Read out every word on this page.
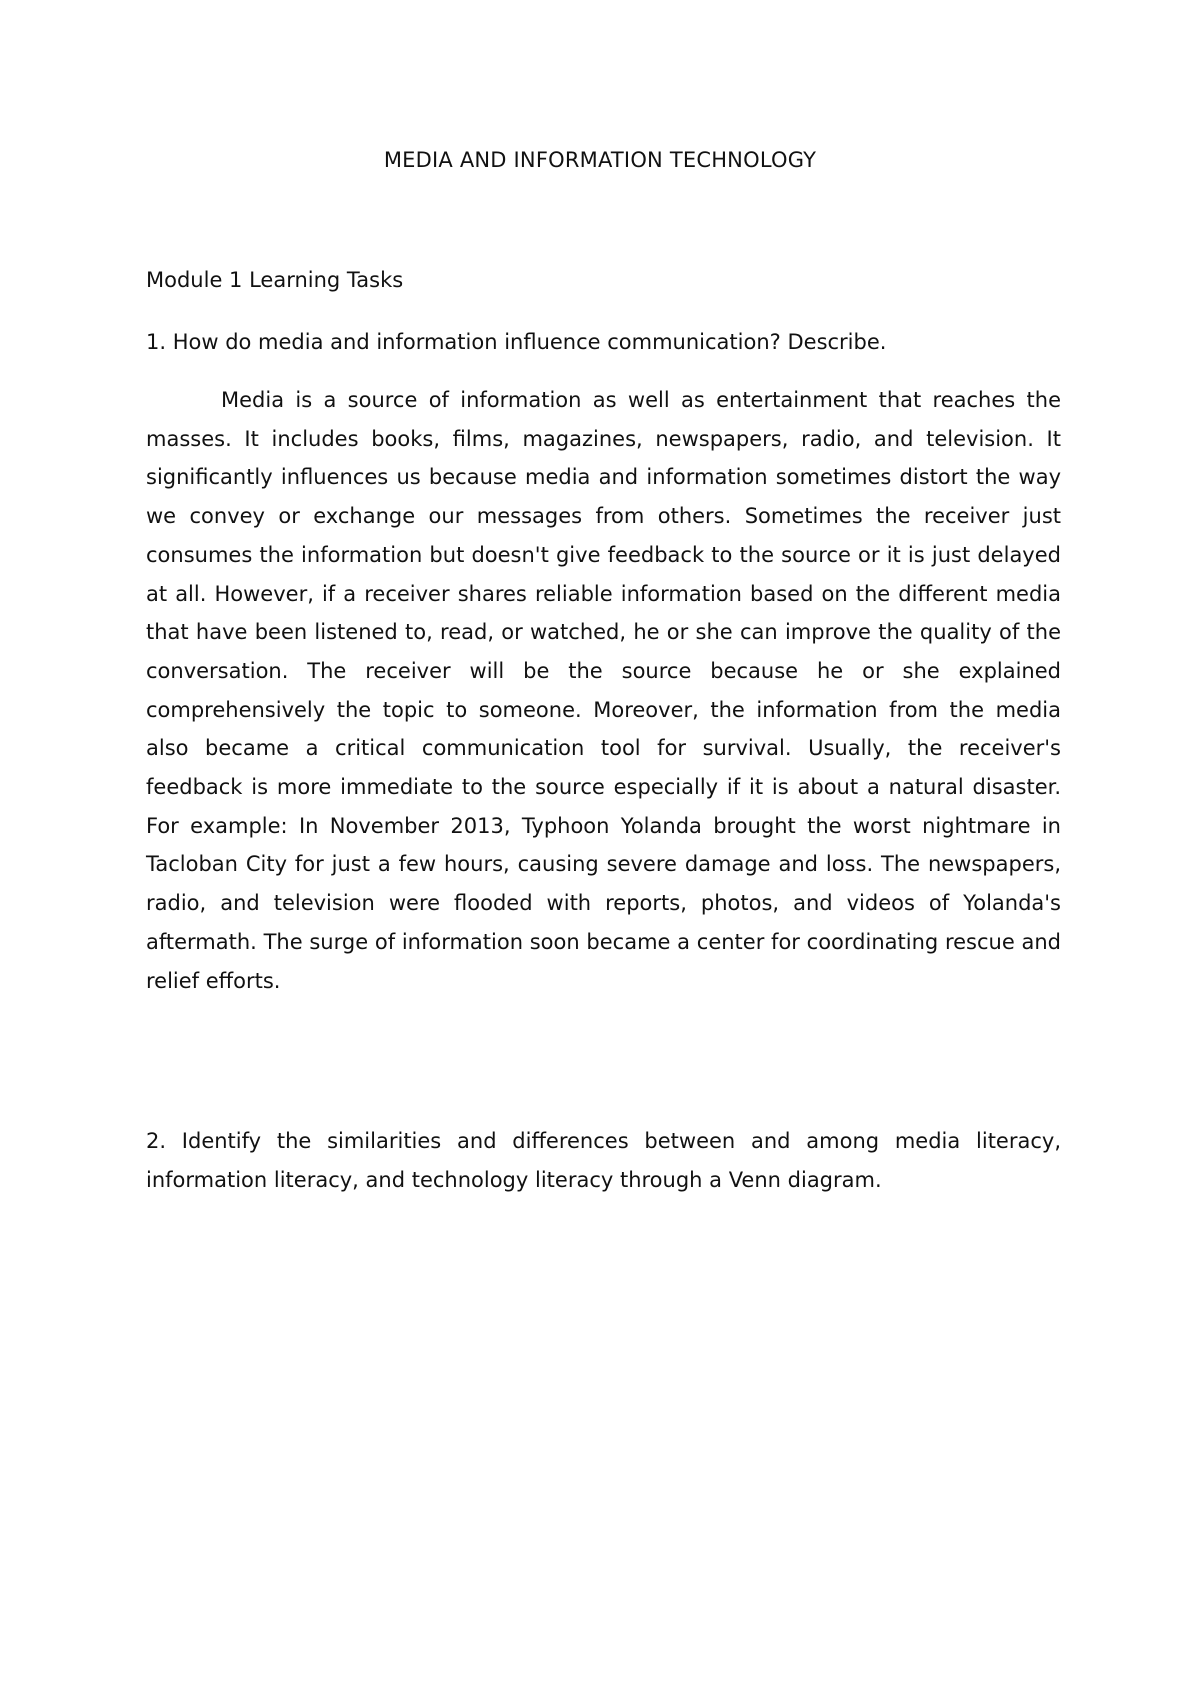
MEDIA AND INFORMATION TECHNOLOGY
Module 1 Learning Tasks
1. How do media and information influence communication? Describe.

Media is a source of information as well as entertainment that reaches the masses. It includes books, films, magazines, newspapers, radio, and television. It significantly influences us because media and information sometimes distort the way we convey or exchange our messages from others. Sometimes the receiver just consumes the information but doesn't give feedback to the source or it is just delayed at all. However, if a receiver shares reliable information based on the different media that have been listened to, read, or watched, he or she can improve the quality of the conversation. The receiver will be the source because he or she explained comprehensively the topic to someone. Moreover, the information from the media also became a critical communication tool for survival. Usually, the receiver's feedback is more immediate to the source especially if it is about a natural disaster. For example: In November 2013, Typhoon Yolanda brought the worst nightmare in Tacloban City for just a few hours, causing severe damage and loss. The newspapers, radio, and television were flooded with reports, photos, and videos of Yolanda's aftermath. The surge of information soon became a center for coordinating rescue and relief efforts.

2. Identify the similarities and differences between and among media literacy, information literacy, and technology literacy through a Venn diagram.
